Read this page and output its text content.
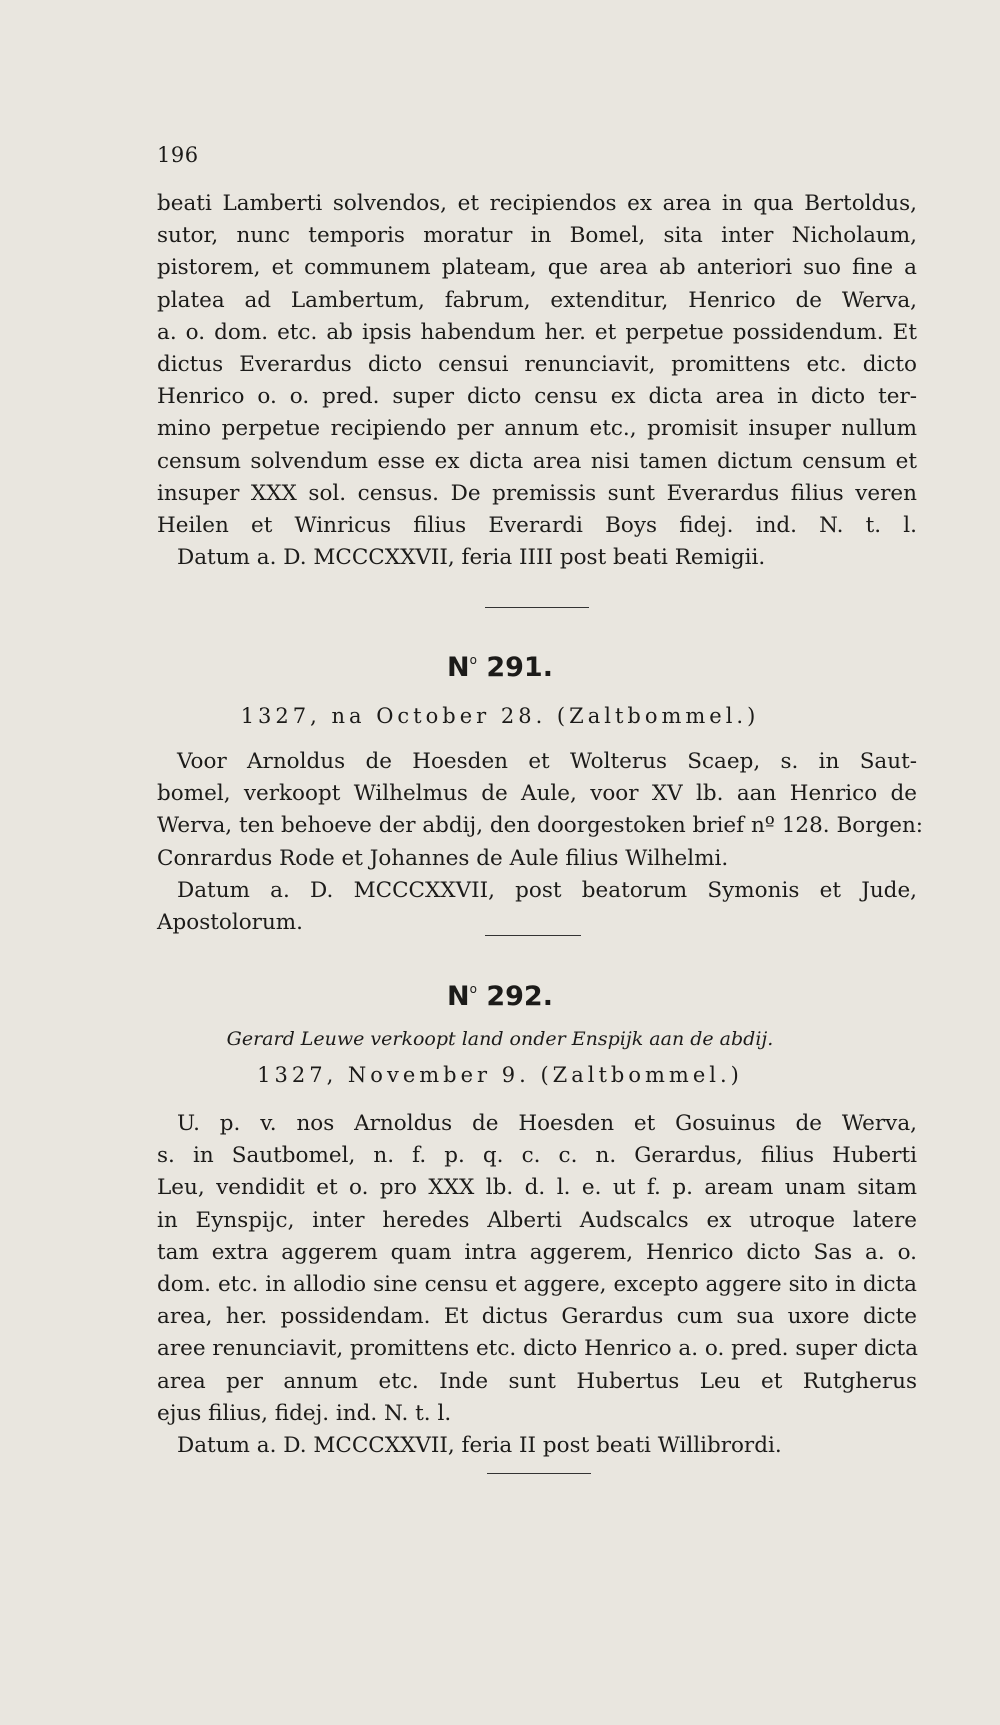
196
beati Lamberti solvendos, et recipiendos ex area in qua Bertoldus,
sutor, nunc temporis moratur in Bomel, sita inter Nicholaum,
pistorem, et communem plateam, que area ab anteriori suo fine a
platea ad Lambertum, fabrum, extenditur, Henrico de Werva,
a. o. dom. etc. ab ipsis habendum her. et perpetue possidendum. Et
dictus Everardus dicto censui renunciavit, promittens etc. dicto
Henrico o. o. pred. super dicto censu ex dicta area in dicto ter-
mino perpetue recipiendo per annum etc., promisit insuper nullum
censum solvendum esse ex dicta area nisi tamen dictum censum et
insuper XXX sol. census. De premissis sunt Everardus filius veren
Heilen et Winricus filius Everardi Boys fidej. ind. N. t. l.
Datum a. D. MCCCXXVII, feria IIII post beati Remigii.
$N^o$ 291.
1327, na October 28. (Zaltbommel.)
Voor Arnoldus de Hoesden et Wolterus Scaep, s. in Saut-
bomel, verkoopt Wilhelmus de Aule, voor XV lb. aan Henrico de
Werva, ten behoeve der abdij, den doorgestoken brief nº 128. Borgen:
Conrardus Rode et Johannes de Aule filius Wilhelmi.
Datum a. D. MCCCXXVII, post beatorum Symonis et Jude,
Apostolorum.
$N^o$ 292.
Gerard Leuwe verkoopt land onder Enspijk aan de abdij.
1327, November 9. (Zaltbommel.)
U. p. v. nos Arnoldus de Hoesden et Gosuinus de Werva,
s. in Sautbomel, n. f. p. q. c. c. n. Gerardus, filius Huberti
Leu, vendidit et o. pro XXX lb. d. l. e. ut f. p. aream unam sitam
in Eynspijc, inter heredes Alberti Audscalcs ex utroque latere
tam extra aggerem quam intra aggerem, Henrico dicto Sas a. o.
dom. etc. in allodio sine censu et aggere, excepto aggere sito in dicta
area, her. possidendam. Et dictus Gerardus cum sua uxore dicte
aree renunciavit, promittens etc. dicto Henrico a. o. pred. super dicta
area per annum etc. Inde sunt Hubertus Leu et Rutgherus
ejus filius, fidej. ind. N. t. l.
Datum a. D. MCCCXXVII, feria II post beati Willibrordi.
